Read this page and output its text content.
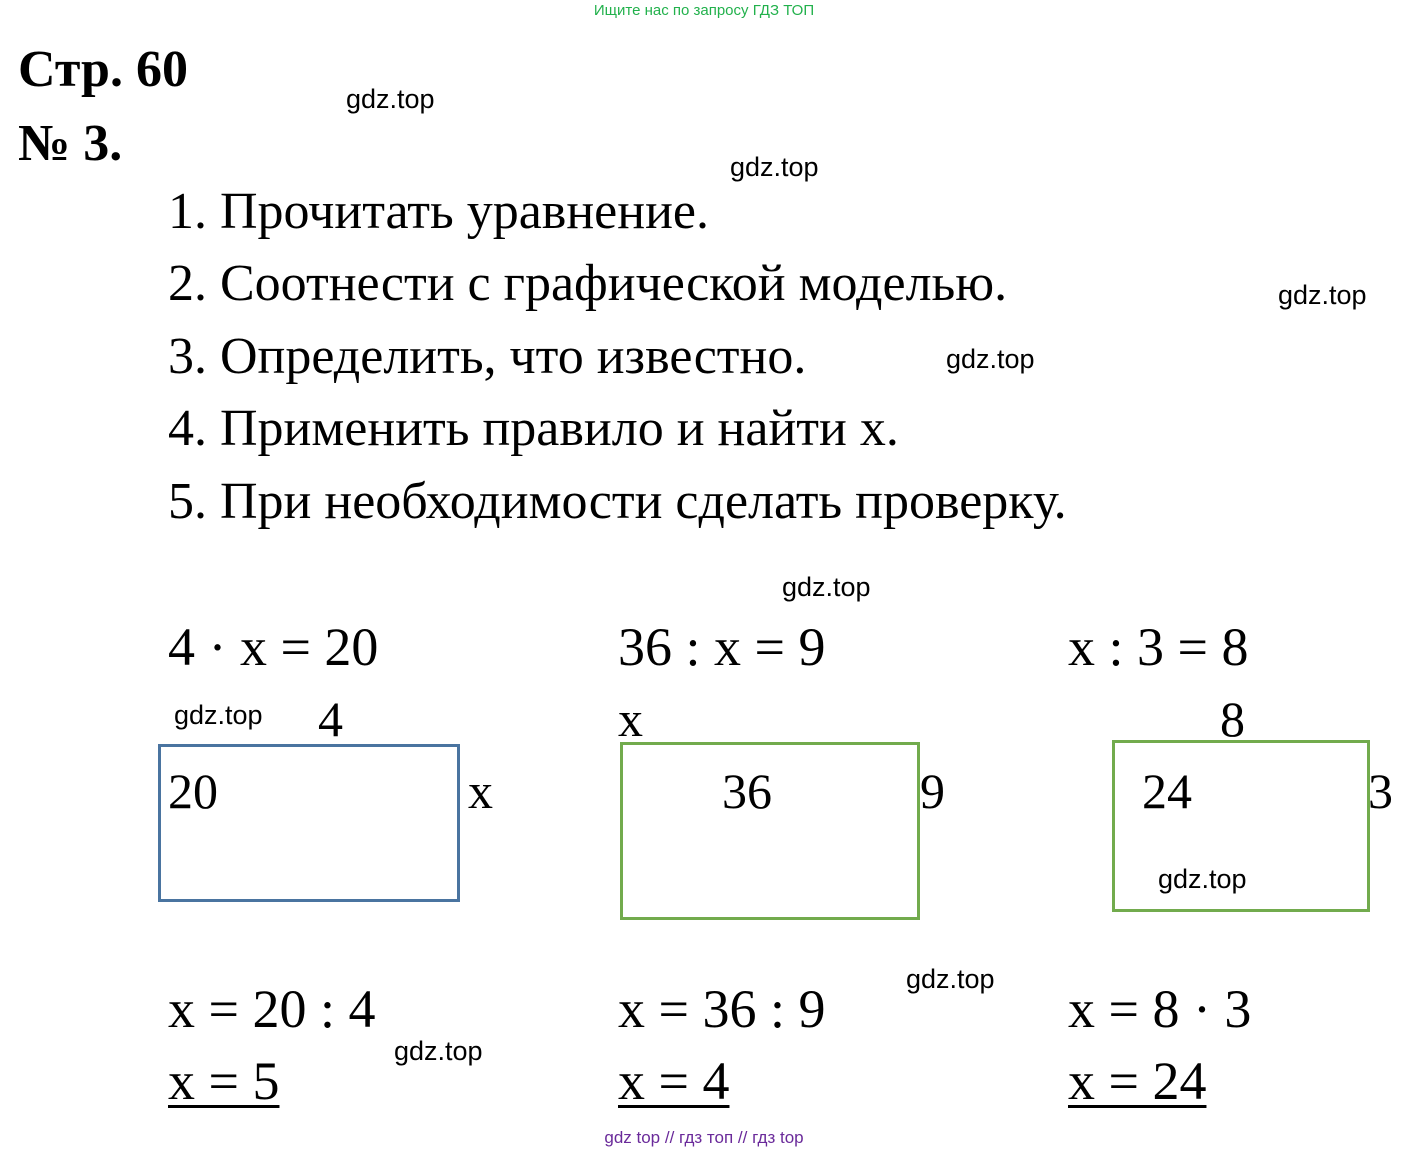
Ищите нас по запросу ГДЗ ТОП
Стр. 60
№ 3.
1. Прочитать уравнение.
2. Соотнести с графической моделью.
3. Определить, что известно.
4. Применить правило и найти х.
5. При необходимости сделать проверку.
gdz.top
gdz.top
gdz.top
gdz.top
gdz.top
gdz.top
gdz.top
gdz.top
gdz.top
4 · х = 20
4
20	х
х = 20 : 4
х = 5
36 : х = 9
х
36	9
х = 36 : 9
х = 4
х : 3 = 8
8
24	3
х = 8 · 3
х = 24
gdz top // гдз топ // гдз top
